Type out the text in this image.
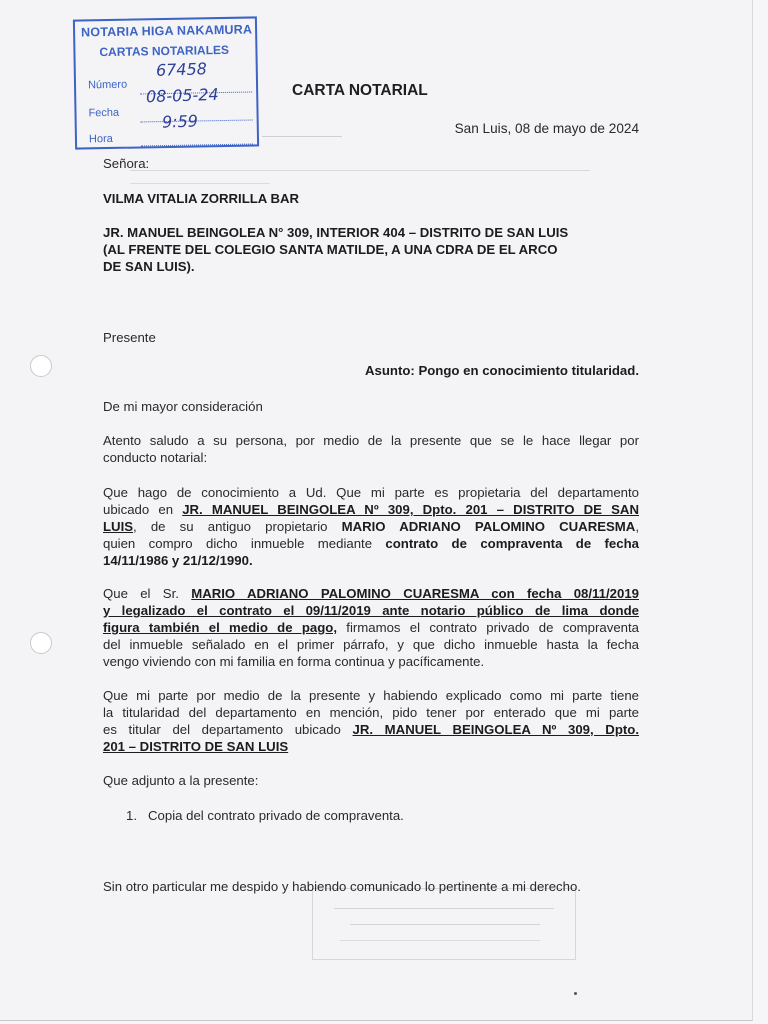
NOTARIA HIGA NAKAMURA
CARTAS NOTARIALES
Número
Fecha
Hora
67458
08-05-24
9:59
CARTA NOTARIAL
San Luis, 08 de mayo de 2024
Señora:
VILMA VITALIA ZORRILLA BAR
JR. MANUEL BEINGOLEA N° 309, INTERIOR 404 – DISTRITO DE SAN LUIS
(AL FRENTE DEL COLEGIO SANTA MATILDE, A UNA CDRA DE EL ARCO
DE SAN LUIS).
Presente
Asunto: Pongo en conocimiento titularidad.
De mi mayor consideración
Atento saludo a su persona, por medio de la presente que se le hace llegar por
conducto notarial:
Que hago de conocimiento a Ud. Que mi parte es propietaria del departamento
ubicado en JR. MANUEL BEINGOLEA Nº 309, Dpto. 201 – DISTRITO DE SAN
LUIS, de su antiguo propietario MARIO ADRIANO PALOMINO CUARESMA,
quien compro dicho inmueble mediante contrato de compraventa de fecha
14/11/1986 y 21/12/1990.
Que el Sr. MARIO ADRIANO PALOMINO CUARESMA con fecha 08/11/2019
y legalizado el contrato el 09/11/2019 ante notario público de lima donde
figura también el medio de pago, firmamos el contrato privado de compraventa
del inmueble señalado en el primer párrafo, y que dicho inmueble hasta la fecha
vengo viviendo con mi familia en forma continua y pacíficamente.
Que mi parte por medio de la presente y habiendo explicado como mi parte tiene
la titularidad del departamento en mención, pido tener por enterado que mi parte
es titular del departamento ubicado JR. MANUEL BEINGOLEA Nº 309, Dpto.
201 – DISTRITO DE SAN LUIS
Que adjunto a la presente:
1. Copia del contrato privado de compraventa.
Sin otro particular me despido y habiendo comunicado lo pertinente a mi derecho.
